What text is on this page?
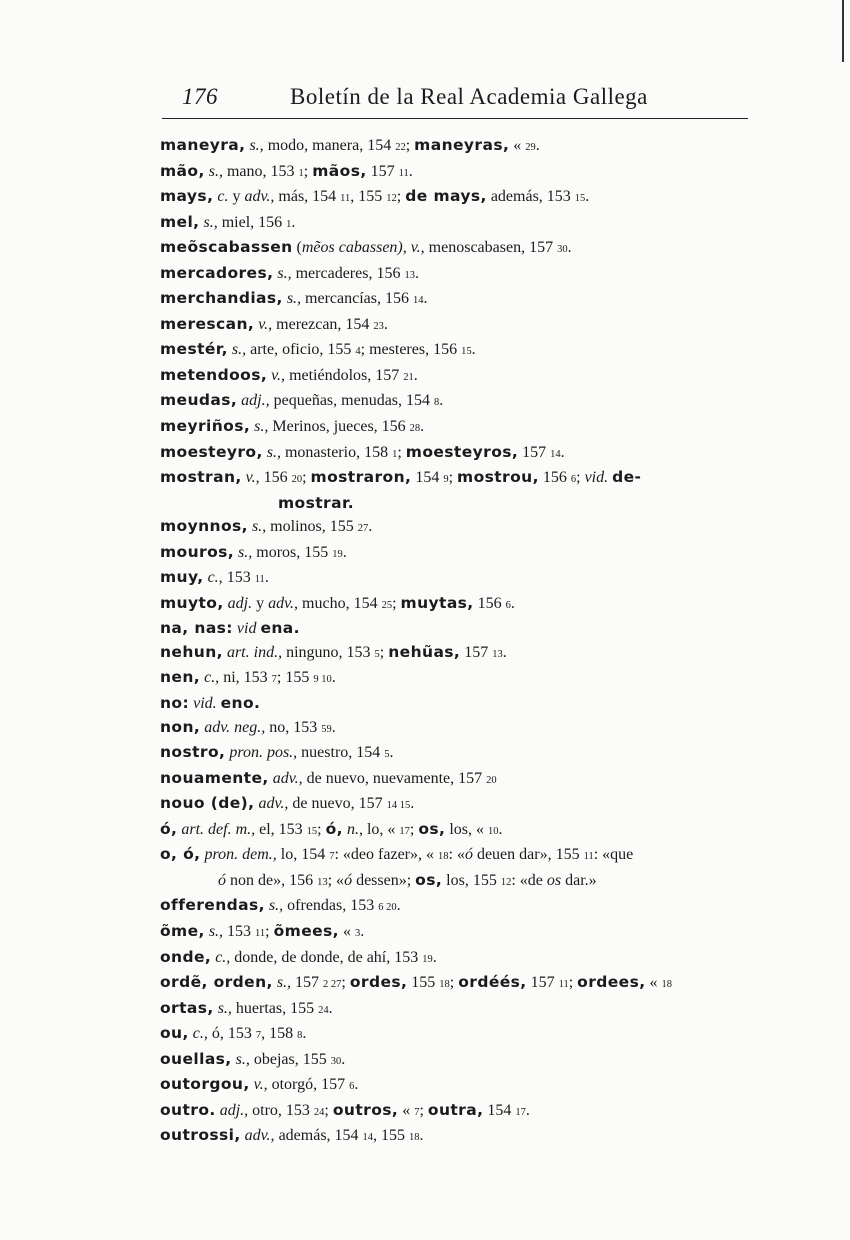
176	Boletín de la Real Academia Gallega
maneyra, s., modo, manera, 154 22; maneyras, « 29.
mão, s., mano, 153 1; mãos, 157 11.
mays, c. y adv., más, 154 11, 155 12; de mays, además, 153 15.
mel, s., miel, 156 1.
meõscabassen (mẽos cabassen), v., menoscabasen, 157 30.
mercadores, s., mercaderes, 156 13.
merchandias, s., mercancías, 156 14.
merescan, v., merezcan, 154 23.
mestér, s., arte, oficio, 155 4; mesteres, 156 15.
metendoos, v., metiéndolos, 157 21.
meudas, adj., pequeñas, menudas, 154 8.
meyriños, s., Merinos, jueces, 156 28.
moesteyro, s., monasterio, 158 1; moesteyros, 157 14.
mostran, v., 156 20; mostraron, 154 9; mostrou, 156 6; vid. de-
mostrar.
moynnos, s., molinos, 155 27.
mouros, s., moros, 155 19.
muy, c., 153 11.
muyto, adj. y adv., mucho, 154 25; muytas, 156 6.
na, nas: vid ena.
nehun, art. ind., ninguno, 153 5; nehũas, 157 13.
nen, c., ni, 153 7; 155 9 10.
no: vid. eno.
non, adv. neg., no, 153 59.
nostro, pron. pos., nuestro, 154 5.
nouamente, adv., de nuevo, nuevamente, 157 20
nouo (de), adv., de nuevo, 157 14 15.
ó, art. def. m., el, 153 15; ó, n., lo, « 17; os, los, « 10.
o, ó, pron. dem., lo, 154 7: «deo fazer», « 18: «ó deuen dar», 155 11: «que
ó non de», 156 13; «ó dessen»; os, los, 155 12: «de os dar.»
offerendas, s., ofrendas, 153 6 20.
õme, s., 153 11; õmees, « 3.
onde, c., donde, de donde, de ahí, 153 19.
ordẽ, orden, s., 157 2 27; ordes, 155 18; ordéés, 157 11; ordees, « 18
ortas, s., huertas, 155 24.
ou, c., ó, 153 7, 158 8.
ouellas, s., obejas, 155 30.
outorgou, v., otorgó, 157 6.
outro. adj., otro, 153 24; outros, « 7; outra, 154 17.
outrossi, adv., además, 154 14, 155 18.
